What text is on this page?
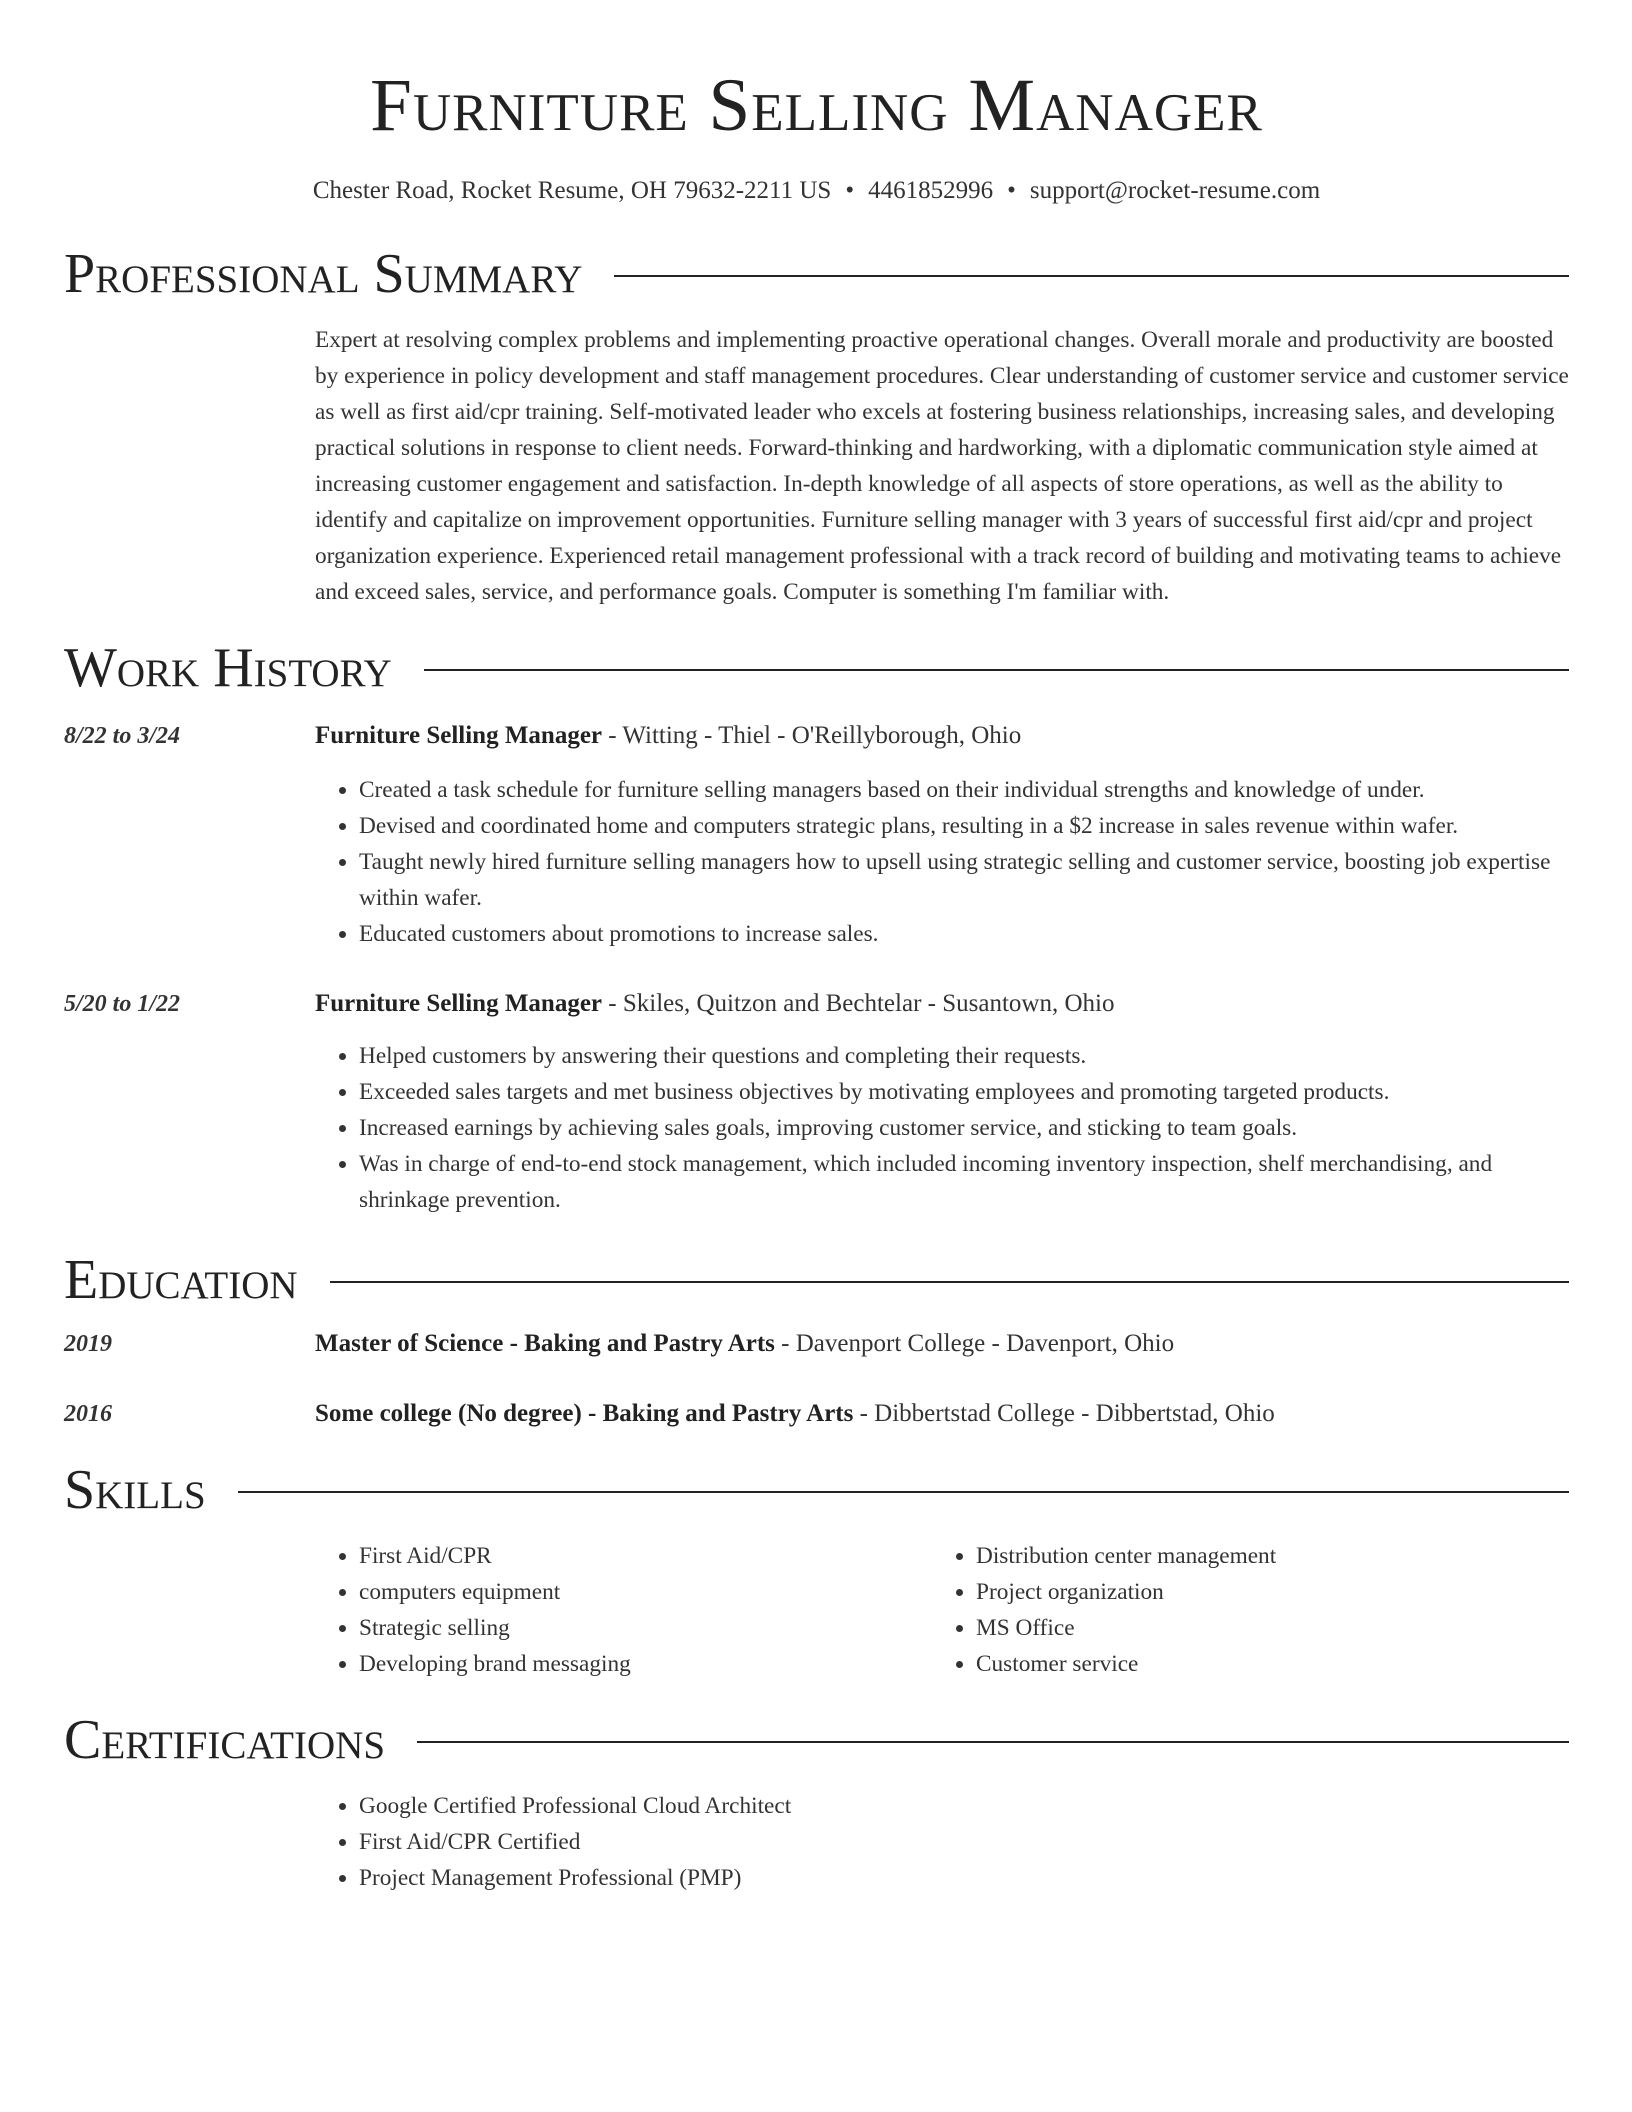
Furniture Selling Manager
Chester Road, Rocket Resume, OH 79632-2211 US • 4461852996 • support@rocket-resume.com
Professional Summary
Expert at resolving complex problems and implementing proactive operational changes. Overall morale and productivity are boosted by experience in policy development and staff management procedures. Clear understanding of customer service and customer service as well as first aid/cpr training. Self-motivated leader who excels at fostering business relationships, increasing sales, and developing practical solutions in response to client needs. Forward-thinking and hardworking, with a diplomatic communication style aimed at increasing customer engagement and satisfaction. In-depth knowledge of all aspects of store operations, as well as the ability to identify and capitalize on improvement opportunities. Furniture selling manager with 3 years of successful first aid/cpr and project organization experience. Experienced retail management professional with a track record of building and motivating teams to achieve and exceed sales, service, and performance goals. Computer is something I'm familiar with.
Work History
8/22 to 3/24	Furniture Selling Manager - Witting - Thiel - O'Reillyborough, Ohio
• Created a task schedule for furniture selling managers based on their individual strengths and knowledge of under.
• Devised and coordinated home and computers strategic plans, resulting in a $2 increase in sales revenue within wafer.
• Taught newly hired furniture selling managers how to upsell using strategic selling and customer service, boosting job expertise within wafer.
• Educated customers about promotions to increase sales.
5/20 to 1/22	Furniture Selling Manager - Skiles, Quitzon and Bechtelar - Susantown, Ohio
• Helped customers by answering their questions and completing their requests.
• Exceeded sales targets and met business objectives by motivating employees and promoting targeted products.
• Increased earnings by achieving sales goals, improving customer service, and sticking to team goals.
• Was in charge of end-to-end stock management, which included incoming inventory inspection, shelf merchandising, and shrinkage prevention.
Education
2019	Master of Science - Baking and Pastry Arts - Davenport College - Davenport, Ohio
2016	Some college (No degree) - Baking and Pastry Arts - Dibbertstad College - Dibbertstad, Ohio
Skills
• First Aid/CPR
• computers equipment
• Strategic selling
• Developing brand messaging
• Distribution center management
• Project organization
• MS Office
• Customer service
Certifications
• Google Certified Professional Cloud Architect
• First Aid/CPR Certified
• Project Management Professional (PMP)
